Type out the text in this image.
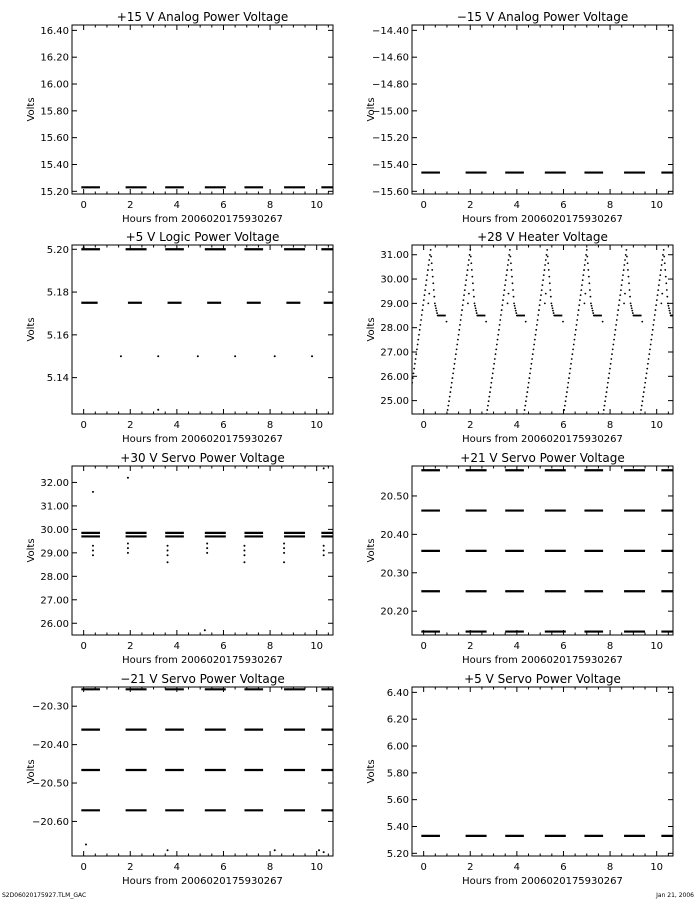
+15 V Analog Power Voltage
Hours from 2006020175930267
Volts
0	2	4	6	8	10
15.20
15.40
15.60
15.80
16.00
16.20
16.40
−15 V Analog Power Voltage
Hours from 2006020175930267
Volts
0	2	4	6	8	10
−14.40
−14.60
−14.80
−15.00
−15.20
−15.40
−15.60
+5 V Logic Power Voltage
Hours from 2006020175930267
Volts
0	2	4	6	8	10
5.14
5.16
5.18
5.20
+28 V Heater Voltage
Hours from 2006020175930267
Volts
0	2	4	6	8	10
25.00
26.00
27.00
28.00
29.00
30.00
31.00
+30 V Servo Power Voltage
Hours from 2006020175930267
Volts
0	2	4	6	8	10
26.00
27.00
28.00
29.00
30.00
31.00
32.00
+21 V Servo Power Voltage
Hours from 2006020175930267
Volts
0	2	4	6	8	10
20.20
20.30
20.40
20.50
−21 V Servo Power Voltage
Hours from 2006020175930267
Volts
0	2	4	6	8	10
−20.30
−20.40
−20.50
−20.60
+5 V Servo Power Voltage
Hours from 2006020175930267
Volts
0	2	4	6	8	10
5.20
5.40
5.60
5.80
6.00
6.20
6.40
S2D06020175927.TLM_GAC	Jan 21, 2006
